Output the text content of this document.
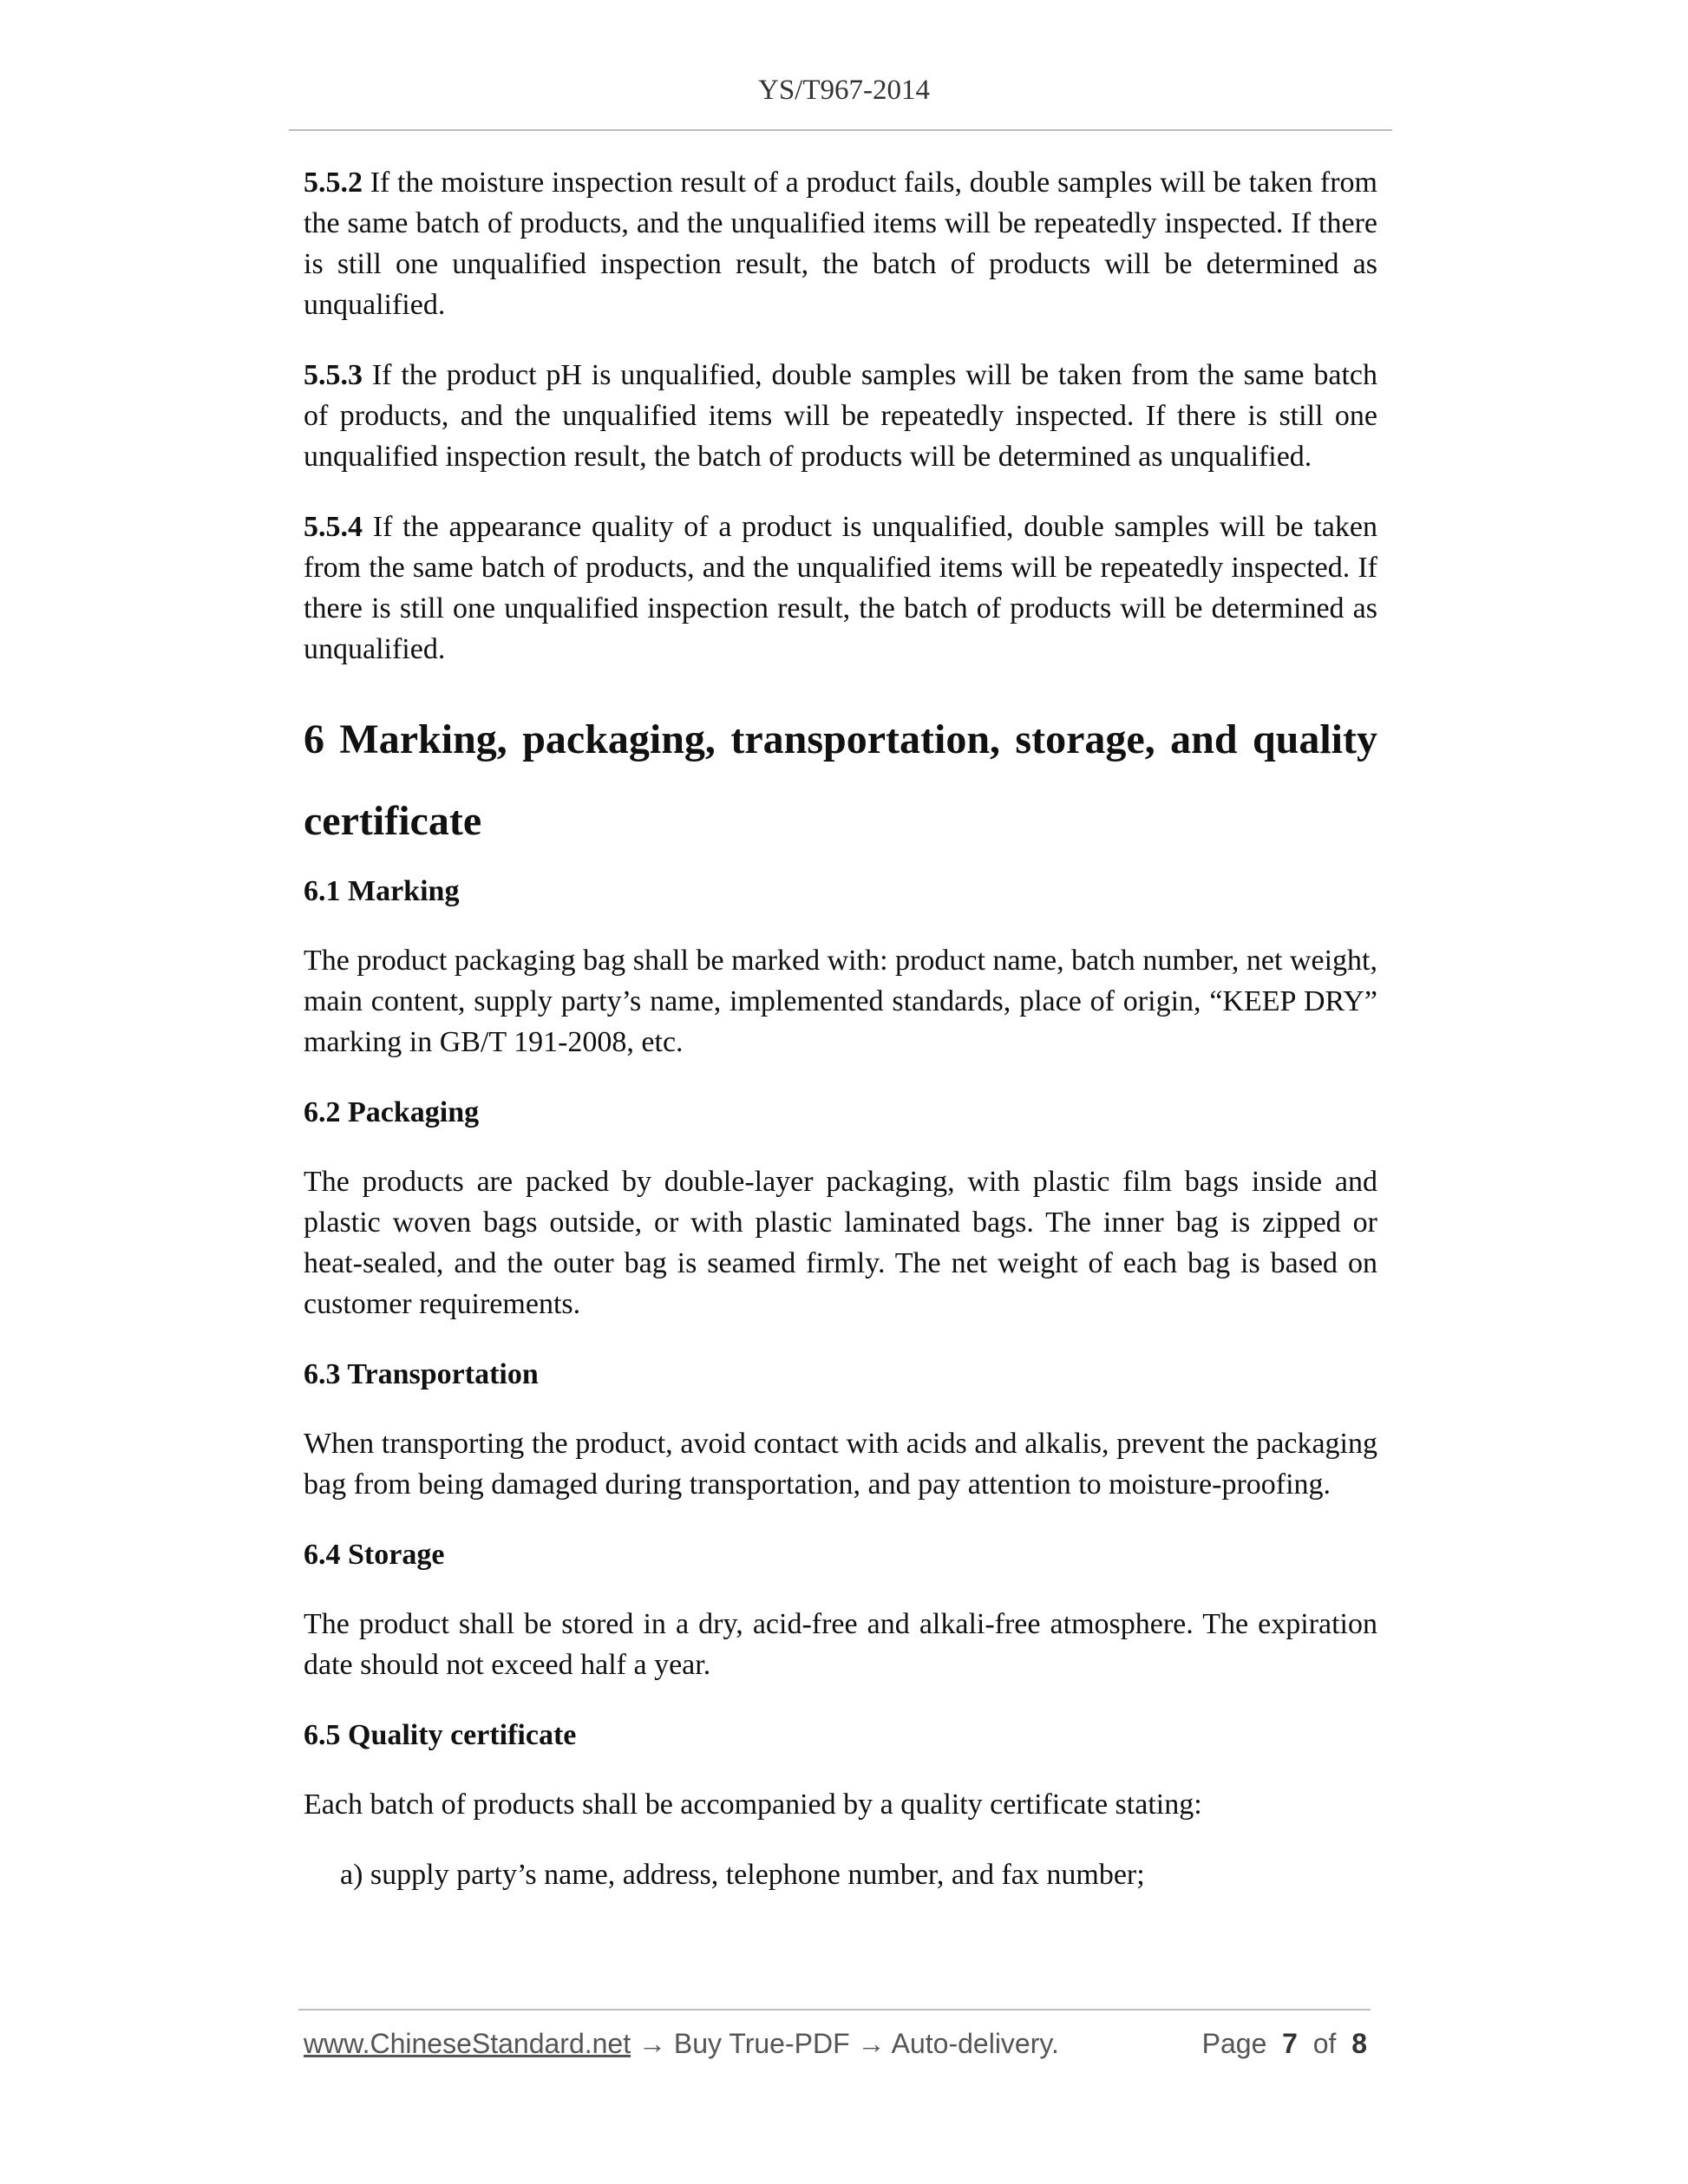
YS/T967-2014

5.5.2 If the moisture inspection result of a product fails, double samples will be taken from the same batch of products, and the unqualified items will be repeatedly inspected. If there is still one unqualified inspection result, the batch of products will be determined as unqualified.

5.5.3 If the product pH is unqualified, double samples will be taken from the same batch of products, and the unqualified items will be repeatedly inspected. If there is still one unqualified inspection result, the batch of products will be determined as unqualified.

5.5.4 If the appearance quality of a product is unqualified, double samples will be taken from the same batch of products, and the unqualified items will be repeatedly inspected. If there is still one unqualified inspection result, the batch of products will be determined as unqualified.

6 Marking, packaging, transportation, storage, and quality certificate
6.1 Marking

The product packaging bag shall be marked with: product name, batch number, net weight, main content, supply party’s name, implemented standards, place of origin, “KEEP DRY” marking in GB/T 191-2008, etc.

6.2 Packaging

The products are packed by double-layer packaging, with plastic film bags inside and plastic woven bags outside, or with plastic laminated bags. The inner bag is zipped or heat-sealed, and the outer bag is seamed firmly. The net weight of each bag is based on customer requirements.

6.3 Transportation

When transporting the product, avoid contact with acids and alkalis, prevent the packaging bag from being damaged during transportation, and pay attention to moisture-proofing.

6.4 Storage

The product shall be stored in a dry, acid-free and alkali-free atmosphere. The expiration date should not exceed half a year.

6.5 Quality certificate

Each batch of products shall be accompanied by a quality certificate stating:

a) supply party’s name, address, telephone number, and fax number;

www.ChineseStandard.net → Buy True-PDF → Auto-delivery.	Page 7 of 8
